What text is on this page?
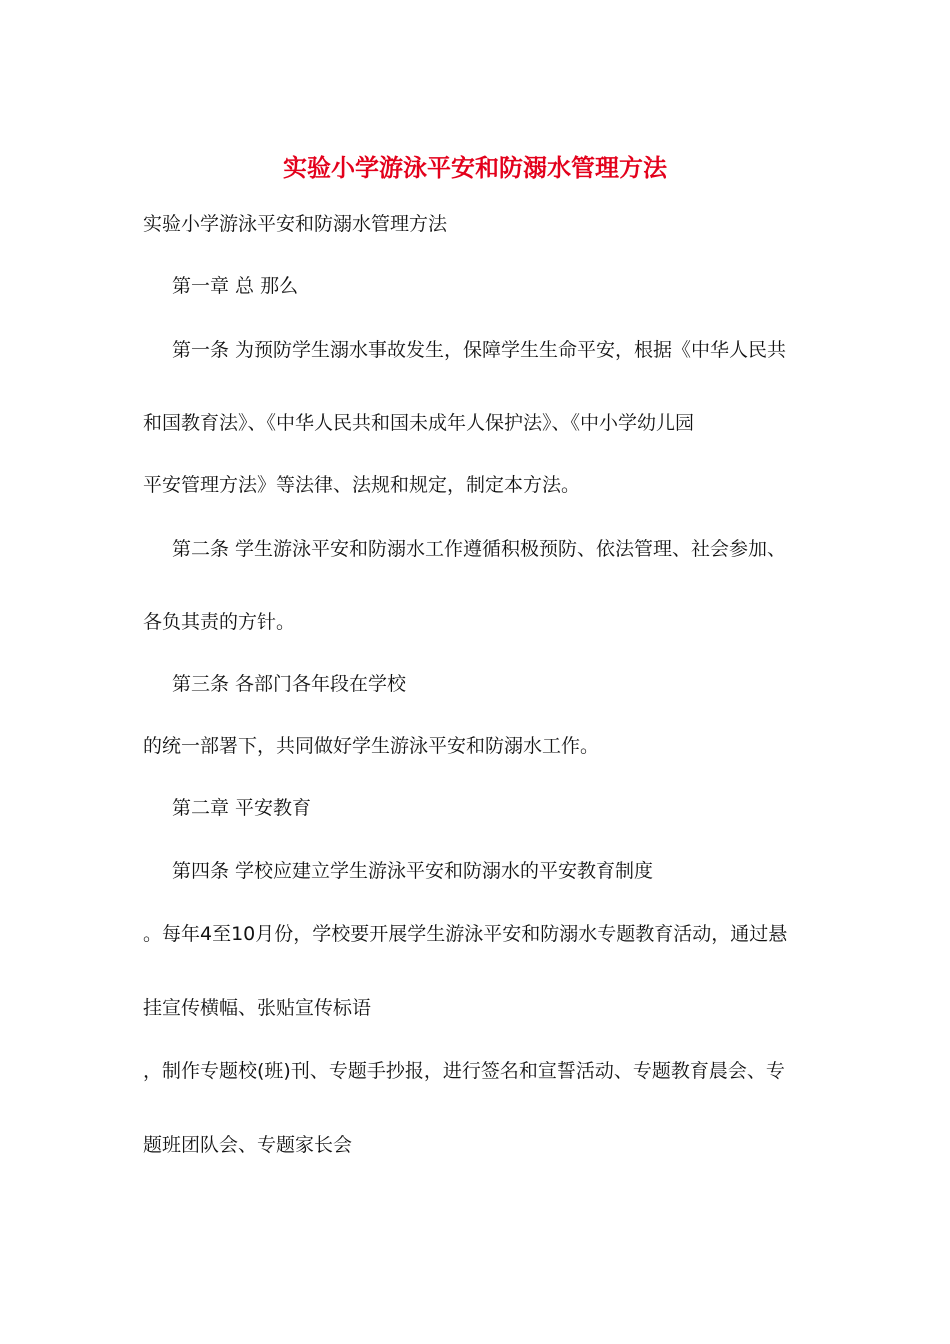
实验小学游泳平安和防溺水管理方法
实验小学游泳平安和防溺水管理方法
第一章 总 那么
第一条 为预防学生溺水事故发生，保障学生生命平安，根据《中华人民共
和国教育法》、《中华人民共和国未成年人保护法》、《中小学幼儿园
平安管理方法》等法律、法规和规定，制定本方法。
第二条 学生游泳平安和防溺水工作遵循积极预防、依法管理、社会参加、
各负其责的方针。
第三条 各部门各年段在学校
的统一部署下，共同做好学生游泳平安和防溺水工作。
第二章 平安教育
第四条 学校应建立学生游泳平安和防溺水的平安教育制度
。每年4至10月份，学校要开展学生游泳平安和防溺水专题教育活动，通过悬
挂宣传横幅、张贴宣传标语
，制作专题校(班)刊、专题手抄报，进行签名和宣誓活动、专题教育晨会、专
题班团队会、专题家长会
